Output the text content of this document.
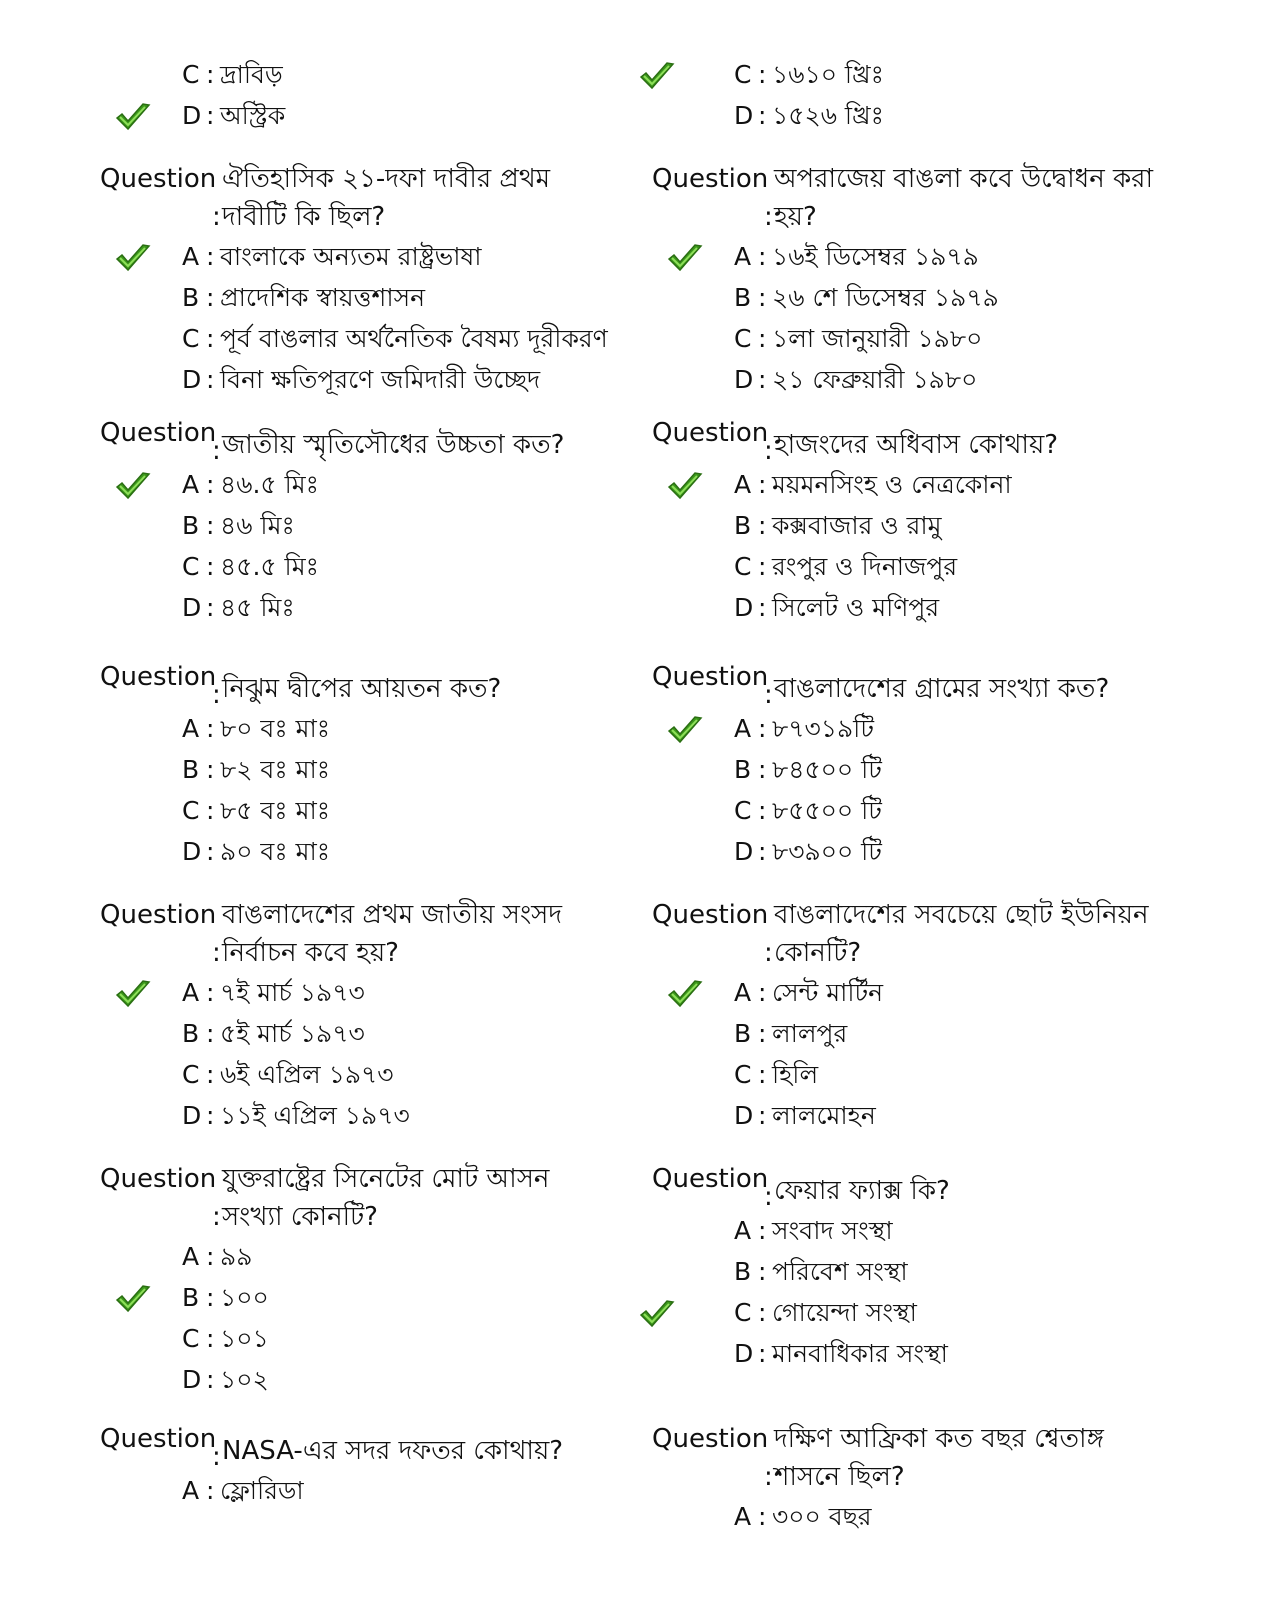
C : দ্রাবিড়
D : অস্ট্রিক
Question ঐতিহাসিক ২১-দফা দাবীর প্রথম
: দাবীটি কি ছিল?
A : বাংলাকে অন্যতম রাষ্ট্রভাষা
B : প্রাদেশিক স্বায়ত্তশাসন
C : পূর্ব বাঙলার অর্থনৈতিক বৈষম্য দূরীকরণ
D : বিনা ক্ষতিপূরণে জমিদারী উচ্ছেদ
Question
: জাতীয় স্মৃতিসৌধের উচ্চতা কত?
A : ৪৬.৫ মিঃ
B : ৪৬ মিঃ
C : ৪৫.৫ মিঃ
D : ৪৫ মিঃ
Question
: নিঝুম দ্বীপের আয়তন কত?
A : ৮০ বঃ মাঃ
B : ৮২ বঃ মাঃ
C : ৮৫ বঃ মাঃ
D : ৯০ বঃ মাঃ
Question বাঙলাদেশের প্রথম জাতীয় সংসদ
: নির্বাচন কবে হয়?
A : ৭ই মার্চ ১৯৭৩
B : ৫ই মার্চ ১৯৭৩
C : ৬ই এপ্রিল ১৯৭৩
D : ১১ই এপ্রিল ১৯৭৩
Question যুক্তরাষ্ট্রের সিনেটের মোট আসন
: সংখ্যা কোনটি?
A : ৯৯
B : ১০০
C : ১০১
D : ১০২
Question
: NASA-এর সদর দফতর কোথায়?
A : ফ্লোরিডা
C : ১৬১০ খ্রিঃ
D : ১৫২৬ খ্রিঃ
Question অপরাজেয় বাঙলা কবে উদ্বোধন করা
: হয়?
A : ১৬ই ডিসেম্বর ১৯৭৯
B : ২৬ শে ডিসেম্বর ১৯৭৯
C : ১লা জানুয়ারী ১৯৮০
D : ২১ ফেব্রুয়ারী ১৯৮০
Question
: হাজংদের অধিবাস কোথায়?
A : ময়মনসিংহ ও নেত্রকোনা
B : কক্সবাজার ও রামু
C : রংপুর ও দিনাজপুর
D : সিলেট ও মণিপুর
Question
: বাঙলাদেশের গ্রামের সংখ্যা কত?
A : ৮৭৩১৯টি
B : ৮৪৫০০ টি
C : ৮৫৫০০ টি
D : ৮৩৯০০ টি
Question বাঙলাদেশের সবচেয়ে ছোট ইউনিয়ন
: কোনটি?
A : সেন্ট মার্টিন
B : লালপুর
C : হিলি
D : লালমোহন
Question
: ফেয়ার ফ্যাক্স কি?
A : সংবাদ সংস্থা
B : পরিবেশ সংস্থা
C : গোয়েন্দা সংস্থা
D : মানবাধিকার সংস্থা
Question দক্ষিণ আফ্রিকা কত বছর শ্বেতাঙ্গ
: শাসনে ছিল?
A : ৩০০ বছর
